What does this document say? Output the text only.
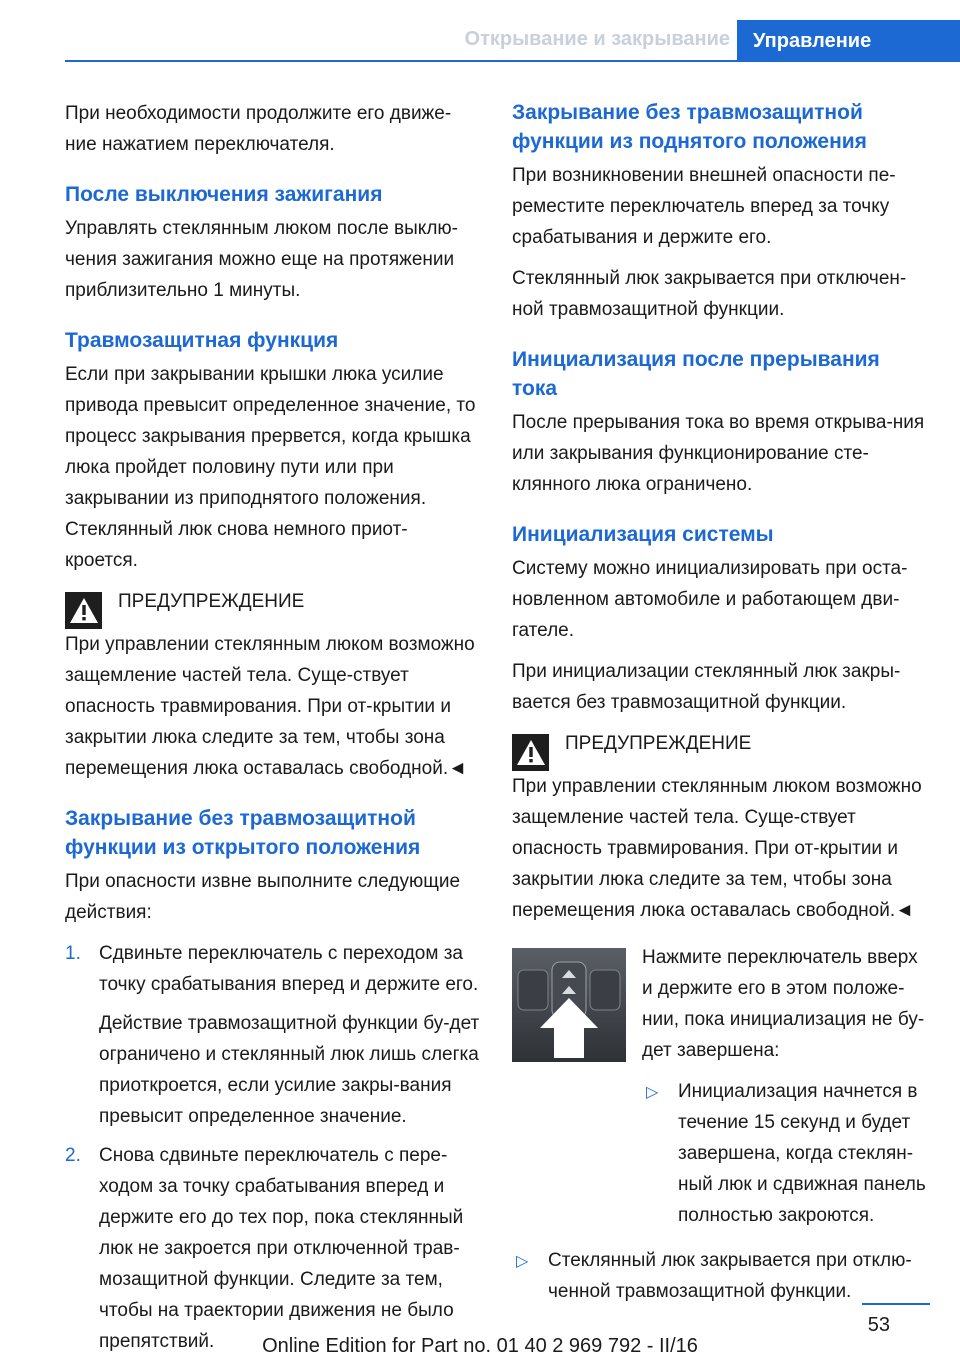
Открывание и закрывание	Управление

При необходимости продолжите его движе-ние нажатием переключателя.

После выключения зажигания

Управлять стеклянным люком после выклю-чения зажигания можно еще на протяжении приблизительно 1 минуты.

Травмозащитная функция

Если при закрывании крышки люка усилие привода превысит определенное значение, то процесс закрывания прервется, когда крышка люка пройдет половину пути или при закрывании из приподнятого положения. Стеклянный люк снова немного приот-кроется.

ПРЕДУПРЕЖДЕНИЕ

При управлении стеклянным люком возможно защемление частей тела. Суще-ствует опасность травмирования. При от-крытии и закрытии люка следите за тем, чтобы зона перемещения люка оставалась свободной.◄

Закрывание без травмозащитной функции из открытого положения

При опасности извне выполните следующие действия:

1. Сдвиньте переключатель с переходом за точку срабатывания вперед и держите его.

Действие травмозащитной функции бу-дет ограничено и стеклянный люк лишь слегка приоткроется, если усилие закры-вания превысит определенное значение.

2. Снова сдвиньте переключатель с пере-ходом за точку срабатывания вперед и держите его до тех пор, пока стеклянный люк не закроется при отключенной трав-мозащитной функции. Следите за тем, чтобы на траектории движения не было препятствий.

Закрывание без травмозащитной функции из поднятого положения

При возникновении внешней опасности пе-реместите переключатель вперед за точку срабатывания и держите его.

Стеклянный люк закрывается при отключен-ной травмозащитной функции.

Инициализация после прерывания тока

После прерывания тока во время открыва-ния или закрывания функционирование сте-клянного люка ограничено.

Инициализация системы

Систему можно инициализировать при оста-новленном автомобиле и работающем дви-гателе.

При инициализации стеклянный люк закры-вается без травмозащитной функции.

ПРЕДУПРЕЖДЕНИЕ

При управлении стеклянным люком возможно защемление частей тела. Суще-ствует опасность травмирования. При от-крытии и закрытии люка следите за тем, чтобы зона перемещения люка оставалась свободной.◄

Нажмите переключатель вверх и держите его в этом положе-нии, пока инициализация не бу-дет завершена:

▷ Инициализация начнется в течение 15 секунд и будет завершена, когда стеклян-ный люк и сдвижная панель полностью закроются.
▷ Стеклянный люк закрывается при отклю-ченной травмозащитной функции.
53
Online Edition for Part no. 01 40 2 969 792 - II/16
